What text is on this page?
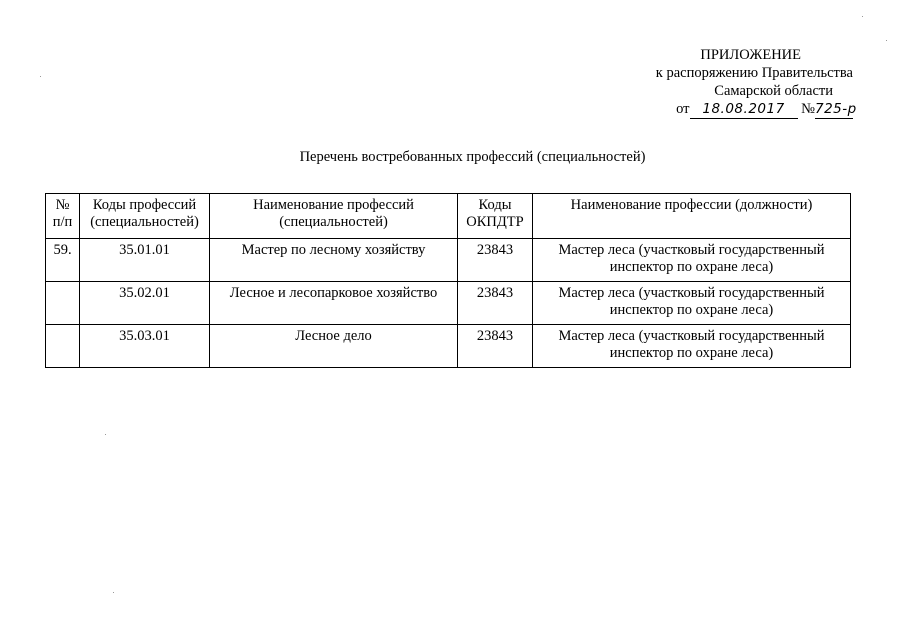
ПРИЛОЖЕНИЕ
к распоряжению Правительства
Самарской области
от 18.08.2017 №725-р
Перечень востребованных профессий (специальностей)
№ п/п	Коды профессий (специальностей)	Наименование профессий (специальностей)	Коды ОКПДТР	Наименование профессии (должности)
59.	35.01.01	Мастер по лесному хозяйству	23843	Мастер леса (участковый государственный инспектор по охране леса)
	35.02.01	Лесное и лесопарковое хозяйство	23843	Мастер леса (участковый государственный инспектор по охране леса)
	35.03.01	Лесное дело	23843	Мастер леса (участковый государственный инспектор по охране леса)
